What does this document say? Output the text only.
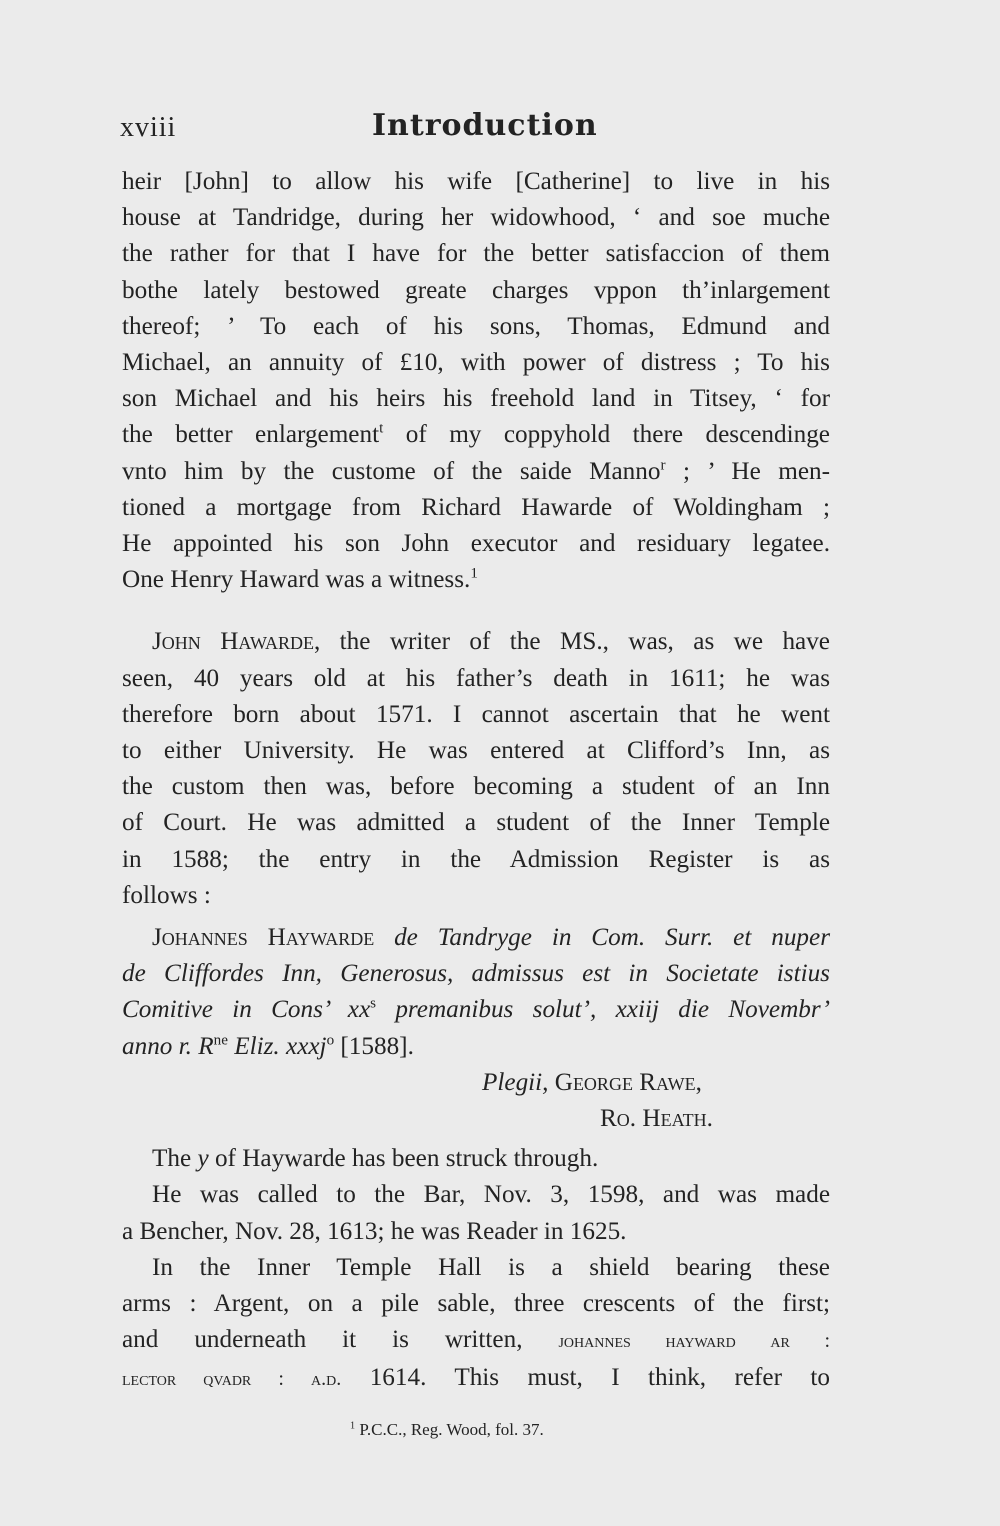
xviii	Introduction
heir [John] to allow his wife [Catherine] to live in his
house at Tandridge, during her widowhood, ‘ and soe muche
the rather for that I have for the better satisfaccion of them
bothe lately bestowed greate charges vppon th’inlargement
thereof; ’ To each of his sons, Thomas, Edmund and
Michael, an annuity of £10, with power of distress ; To his
son Michael and his heirs his freehold land in Titsey, ‘ for
the better enlargement$^t$ of my coppyhold there descendinge
vnto him by the custome of the saide Manno$^r$ ; ’ He men-
tioned a mortgage from Richard Hawarde of Woldingham ;
He appointed his son John executor and residuary legatee.
One Henry Haward was a witness.$^1$
John Hawarde, the writer of the MS., was, as we have
seen, 40 years old at his father’s death in 1611; he was
therefore born about 1571. I cannot ascertain that he went
to either University. He was entered at Clifford’s Inn, as
the custom then was, before becoming a student of an Inn
of Court. He was admitted a student of the Inner Temple
in 1588; the entry in the Admission Register is as
follows :
Johannes Haywarde de Tandryge in Com. Surr. et nuper
de Cliffordes Inn, Generosus, admissus est in Societate istius
Comitive in Cons’ $xx^s$ premanibus solut’, xxiij die Novembr’
anno r. $R^{ne}$ Eliz. xxxj$^o$ [1588].
Plegii, George Rawe,
Ro. Heath.
The y of Haywarde has been struck through.
He was called to the Bar, Nov. 3, 1598, and was made
a Bencher, Nov. 28, 1613; he was Reader in 1625.
In the Inner Temple Hall is a shield bearing these
arms : Argent, on a pile sable, three crescents of the first;
and underneath it is written, johannes hayward ar :
lector qvadr : a.d. 1614. This must, I think, refer to
$^1$ P.C.C., Reg. Wood, fol. 37.
